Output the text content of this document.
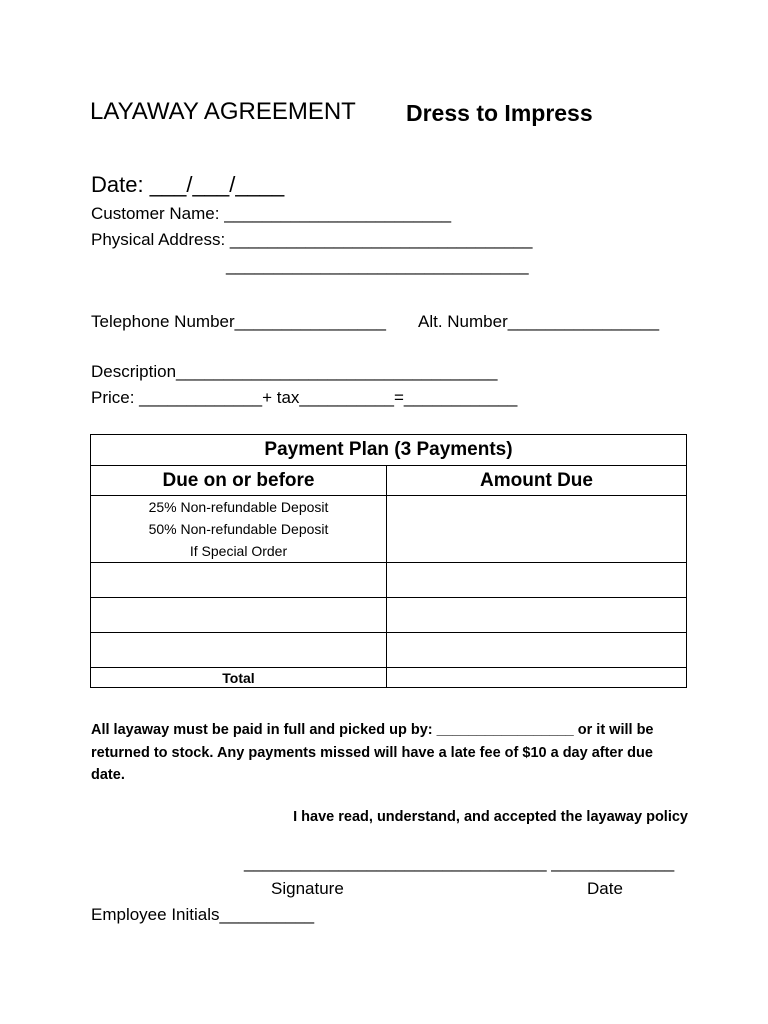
LAYAWAY AGREEMENT Dress to Impress
Date: ___/___/____
Customer Name: ________________________
Physical Address: ________________________________
________________________________
Telephone Number________________ Alt. Number________________
Description__________________________________
Price: _____________+ tax__________=____________
Payment Plan (3 Payments)	
Due on or before	Amount Due

25% Non-refundable Deposit
50% Non-refundable Deposit
If Special Order	

Total	
All layaway must be paid in full and picked up by: _________________ or it will be returned to stock. Any payments missed will have a late fee of $10 a day after due date.
I have read, understand, and accepted the layaway policy
________________________________ _____________
Signature	Date
Employee Initials__________
